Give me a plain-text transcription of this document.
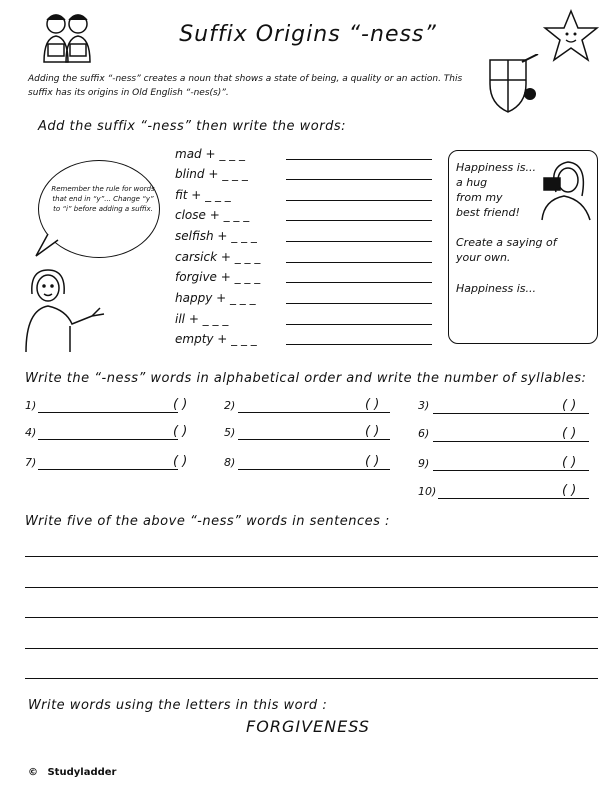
Suffix Origins “-ness”
Adding the suffix “-ness” creates a noun that shows a state of being, a quality or an action. This suffix has its origins in Old English “-nes(s)”.
Add the suffix “-ness” then write the words:
mad + _ _ _
blind + _ _ _
fit + _ _ _
close + _ _ _
selfish + _ _ _
carsick + _ _ _
forgive + _ _ _
happy + _ _ _
ill + _ _ _
empty + _ _ _
Remember the rule for words that end in “y”... Change “y” to “i” before adding a suffix.
Happiness is...
a hug
from my
best friend!
Create a saying of
your own.
Happiness is...
Write the “-ness” words in alphabetical order and write the number of syllables:
1)	( )	2)	( )	3)	( )
4)	( )	5)	( )	6)	( )
7)	( )	8)	( )	9)	( )
10)	( )
Write five of the above “-ness” words in sentences :
Write words using the letters in this word :
FORGIVENESS
© Studyladder
